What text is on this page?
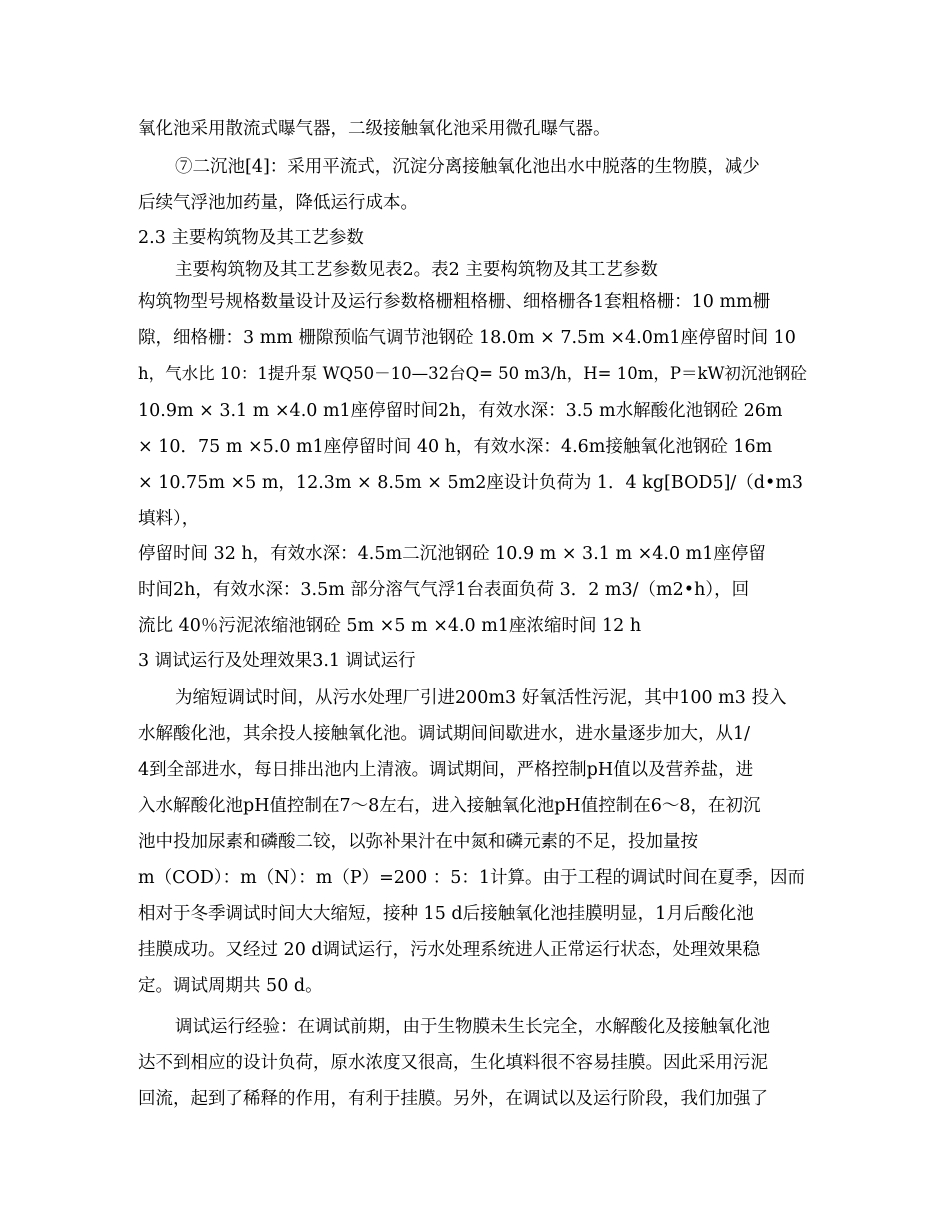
氧化池采用散流式曝气器，二级接触氧化池采用微孔曝气器。
⑦二沉池[4]：采用平流式，沉淀分离接触氧化池出水中脱落的生物膜，减少
后续气浮池加药量，降低运行成本。
2.3 主要构筑物及其工艺参数
主要构筑物及其工艺参数见表2。表2 主要构筑物及其工艺参数
构筑物型号规格数量设计及运行参数格栅粗格栅、细格栅各1套粗格栅：10 mm栅
隙，细格栅：3 mm 栅隙预临气调节池钢砼 18.0m × 7.5m ×4.0m1座停留时间 10
h，气水比 10：1提升泵 WQ50－10—32台Q= 50 m3/h，H= 10m，P＝kW初沉池钢砼
10.9m × 3.1 m ×4.0 m1座停留时间2h，有效水深：3.5 m水解酸化池钢砼 26m
× 10．75 m ×5.0 m1座停留时间 40 h，有效水深：4.6m接触氧化池钢砼 16m
× 10.75m ×5 m，12.3m × 8.5m × 5m2座设计负荷为 1．4 kg[BOD5]/（d•m3
填料），
停留时间 32 h，有效水深：4.5m二沉池钢砼 10.9 m × 3.1 m ×4.0 m1座停留
时间2h，有效水深：3.5m 部分溶气气浮1台表面负荷 3．2 m3/（m2•h），回
流比 40％污泥浓缩池钢砼 5m ×5 m ×4.0 m1座浓缩时间 12 h
3 调试运行及处理效果3.1 调试运行
为缩短调试时间，从污水处理厂引进200m3 好氧活性污泥，其中100 m3 投入
水解酸化池，其余投人接触氧化池。调试期间间歇进水，进水量逐步加大，从1/
4到全部进水，每日排出池内上清液。调试期间，严格控制pH值以及营养盐，进
入水解酸化池pH值控制在7～8左右，进入接触氧化池pH值控制在6～8，在初沉
池中投加尿素和磷酸二铰，以弥补果汁在中氮和磷元素的不足，投加量按
m（COD）：m（N）：m（P）=200 ：5：1计算。由于工程的调试时间在夏季，因而
相对于冬季调试时间大大缩短，接种 15 d后接触氧化池挂膜明显，1月后酸化池
挂膜成功。又经过 20 d调试运行，污水处理系统进人正常运行状态，处理效果稳
定。调试周期共 50 d。
调试运行经验：在调试前期，由于生物膜未生长完全，水解酸化及接触氧化池
达不到相应的设计负荷，原水浓度又很高，生化填料很不容易挂膜。因此采用污泥
回流，起到了稀释的作用，有利于挂膜。另外，在调试以及运行阶段，我们加强了
